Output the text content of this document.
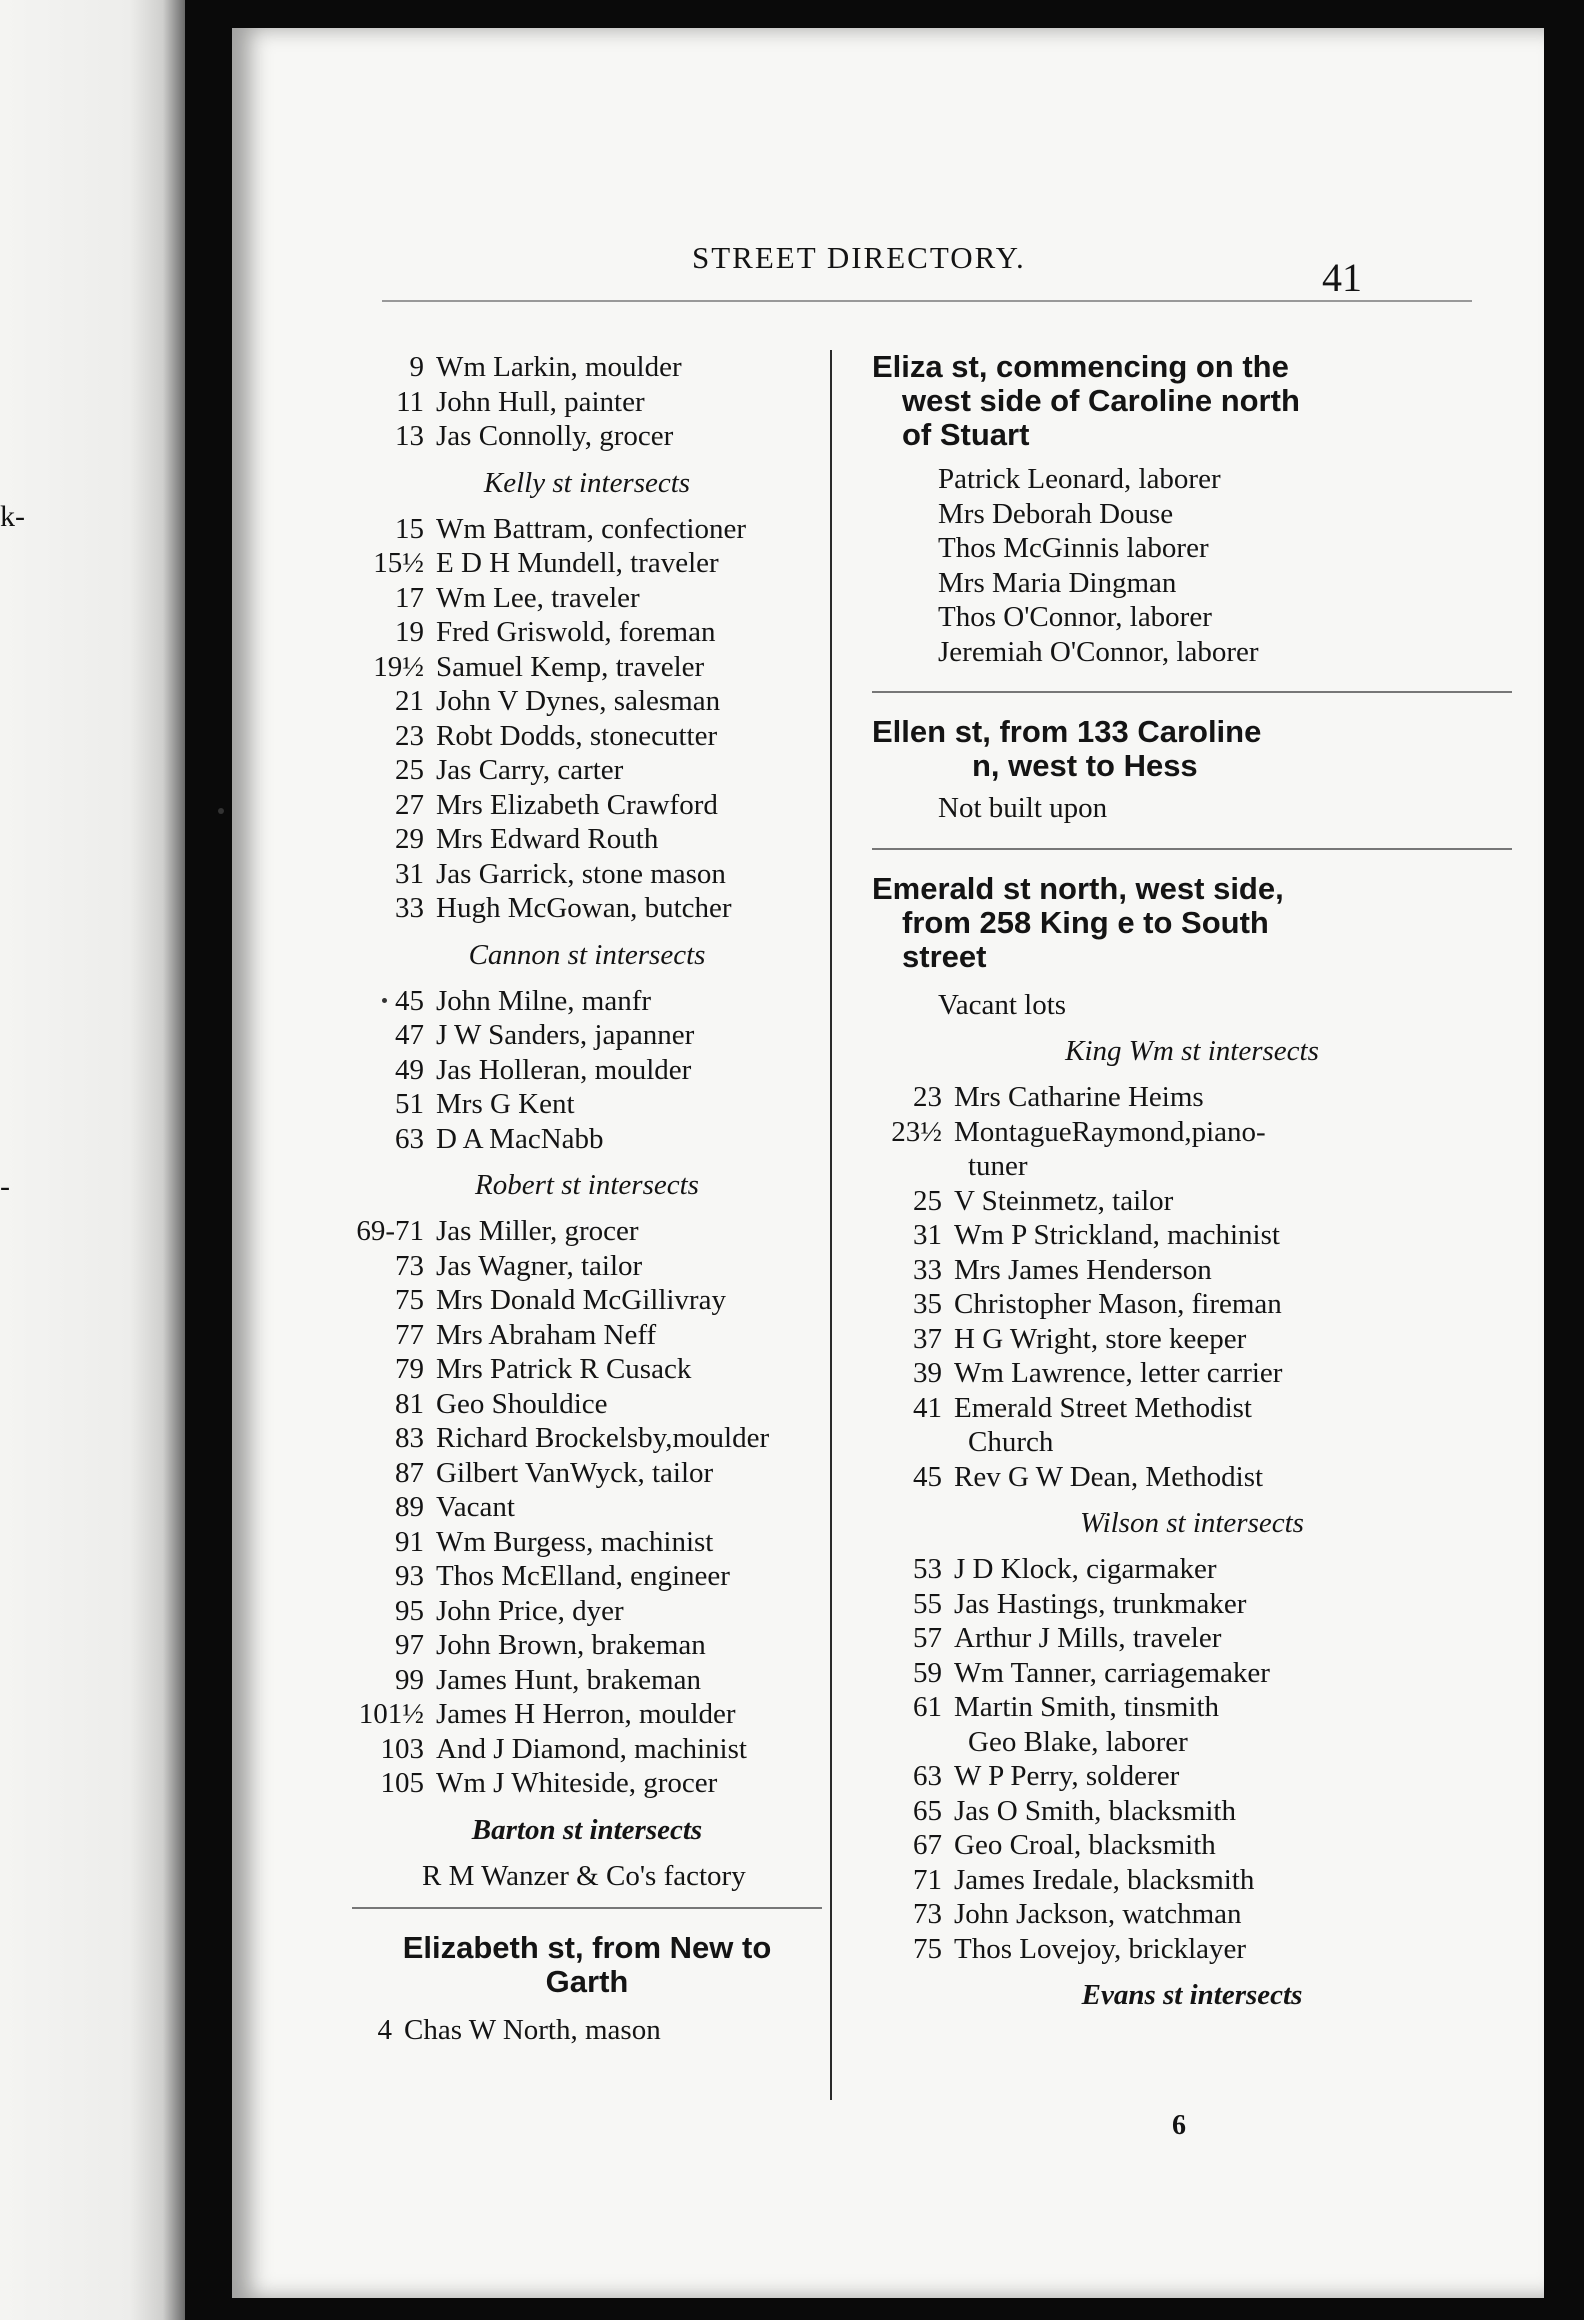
k-
-
STREET DIRECTORY.	41
9 Wm Larkin, moulder
11 John Hull, painter
13 Jas Connolly, grocer
Kelly st intersects
15 Wm Battram, confectioner
15½ E D H Mundell, traveler
17 Wm Lee, traveler
19 Fred Griswold, foreman
19½ Samuel Kemp, traveler
21 John V Dynes, salesman
23 Robt Dodds, stonecutter
25 Jas Carry, carter
27 Mrs Elizabeth Crawford
29 Mrs Edward Routh
31 Jas Garrick, stone mason
33 Hugh McGowan, butcher
Cannon st intersects
45 John Milne, manfr
47 J W Sanders, japanner
49 Jas Holleran, moulder
51 Mrs G Kent
63 D A MacNabb
Robert st intersects
69-71 Jas Miller, grocer
73 Jas Wagner, tailor
75 Mrs Donald McGillivray
77 Mrs Abraham Neff
79 Mrs Patrick R Cusack
81 Geo Shouldice
83 Richard Brockelsby,moulder
87 Gilbert VanWyck, tailor
89 Vacant
91 Wm Burgess, machinist
93 Thos McElland, engineer
95 John Price, dyer
97 John Brown, brakeman
99 James Hunt, brakeman
101½ James H Herron, moulder
103 And J Diamond, machinist
105 Wm J Whiteside, grocer
Barton st intersects
R M Wanzer & Co's factory
Elizabeth st, from New to
Garth
4 Chas W North, mason
Eliza st, commencing on the
west side of Caroline north
of Stuart
Patrick Leonard, laborer
Mrs Deborah Douse
Thos McGinnis laborer
Mrs Maria Dingman
Thos O'Connor, laborer
Jeremiah O'Connor, laborer
Ellen st, from 133 Caroline
n, west to Hess
Not built upon
Emerald st north, west side,
from 258 King e to South
street
Vacant lots
King Wm st intersects
23 Mrs Catharine Heims
23½ MontagueRaymond,piano-
tuner
25 V Steinmetz, tailor
31 Wm P Strickland, machinist
33 Mrs James Henderson
35 Christopher Mason, fireman
37 H G Wright, store keeper
39 Wm Lawrence, letter carrier
41 Emerald Street Methodist
Church
45 Rev G W Dean, Methodist
Wilson st intersects
53 J D Klock, cigarmaker
55 Jas Hastings, trunkmaker
57 Arthur J Mills, traveler
59 Wm Tanner, carriagemaker
61 Martin Smith, tinsmith
Geo Blake, laborer
63 W P Perry, solderer
65 Jas O Smith, blacksmith
67 Geo Croal, blacksmith
71 James Iredale, blacksmith
73 John Jackson, watchman
75 Thos Lovejoy, bricklayer
Evans st intersects
6
